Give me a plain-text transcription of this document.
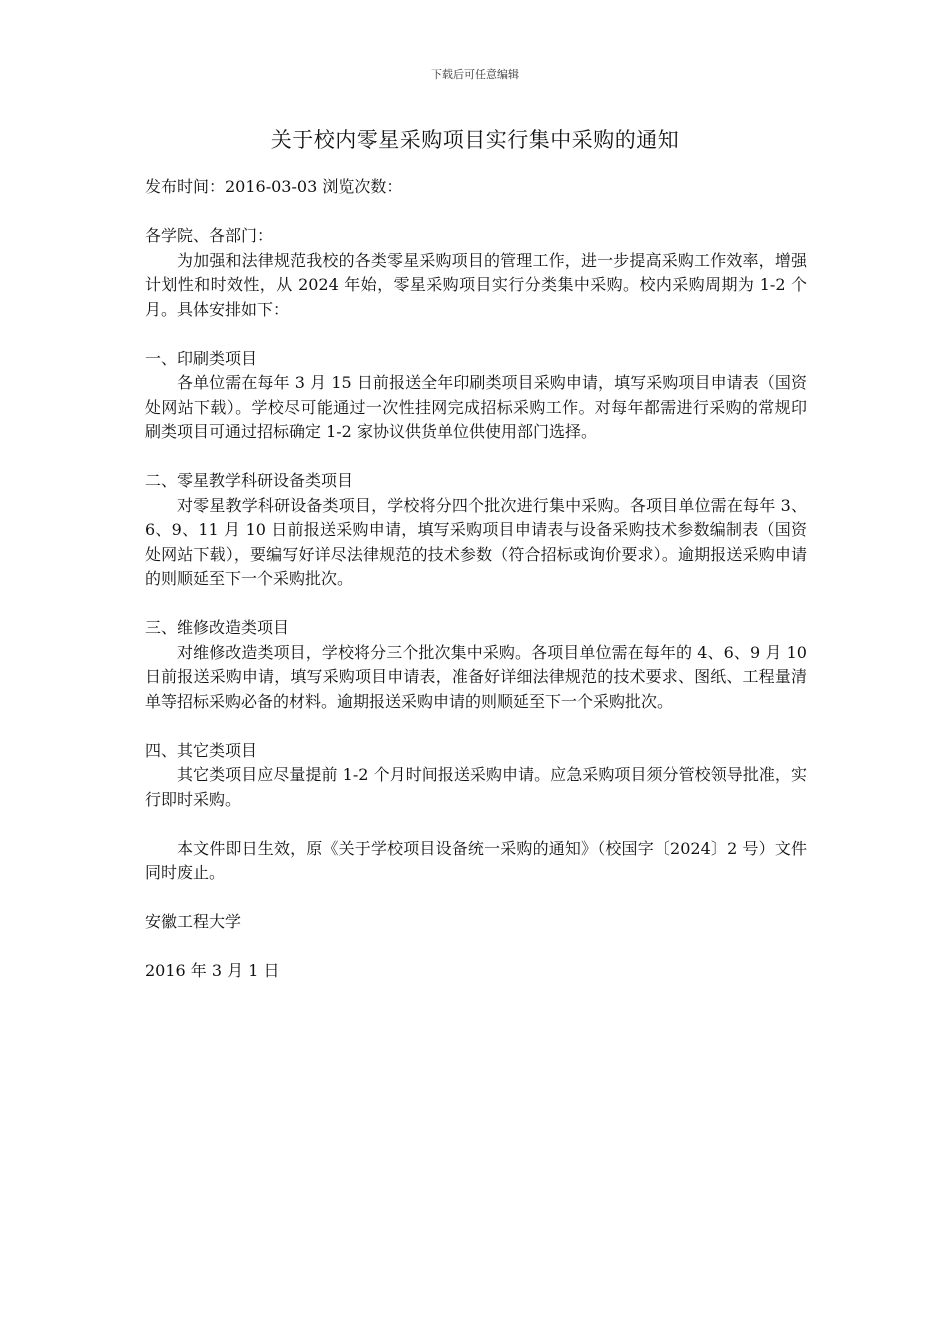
下载后可任意编辑
关于校内零星采购项目实行集中采购的通知

发布时间：2016-03-03 浏览次数：

各学院、各部门：

为加强和法律规范我校的各类零星采购项目的管理工作，进一步提高采购工作效率，增强计划性和时效性，从 2024 年始，零星采购项目实行分类集中采购。校内采购周期为 1-2 个月。具体安排如下：

一、印刷类项目

各单位需在每年 3 月 15 日前报送全年印刷类项目采购申请，填写采购项目申请表（国资处网站下载）。学校尽可能通过一次性挂网完成招标采购工作。对每年都需进行采购的常规印刷类项目可通过招标确定 1-2 家协议供货单位供使用部门选择。

二、零星教学科研设备类项目

对零星教学科研设备类项目，学校将分四个批次进行集中采购。各项目单位需在每年 3、6、9、11 月 10 日前报送采购申请，填写采购项目申请表与设备采购技术参数编制表（国资处网站下载），要编写好详尽法律规范的技术参数（符合招标或询价要求）。逾期报送采购申请的则顺延至下一个采购批次。

三、维修改造类项目

对维修改造类项目，学校将分三个批次集中采购。各项目单位需在每年的 4、6、9 月 10 日前报送采购申请，填写采购项目申请表，准备好详细法律规范的技术要求、图纸、工程量清单等招标采购必备的材料。逾期报送采购申请的则顺延至下一个采购批次。

四、其它类项目

其它类项目应尽量提前 1-2 个月时间报送采购申请。应急采购项目须分管校领导批准，实行即时采购。

本文件即日生效，原《关于学校项目设备统一采购的通知》（校国字〔2024〕2 号）文件同时废止。

安徽工程大学

2016 年 3 月 1 日
